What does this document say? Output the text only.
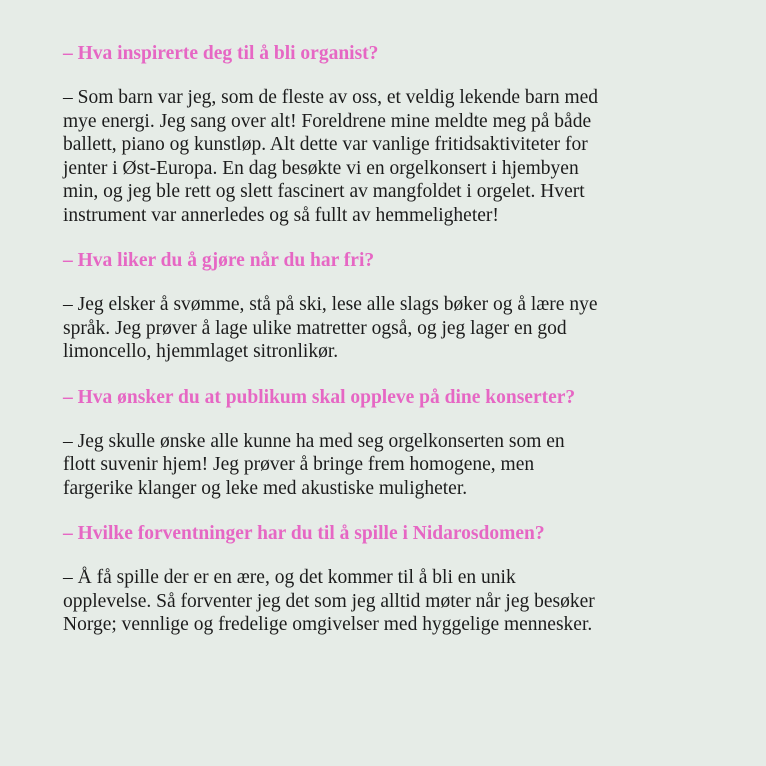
– Hva inspirerte deg til å bli organist?

– Som barn var jeg, som de fleste av oss, et veldig lekende barn med
mye energi. Jeg sang over alt! Foreldrene mine meldte meg på både
ballett, piano og kunstløp. Alt dette var vanlige fritidsaktiviteter for
jenter i Øst-Europa. En dag besøkte vi en orgelkonsert i hjembyen
min, og jeg ble rett og slett fascinert av mangfoldet i orgelet. Hvert
instrument var annerledes og så fullt av hemmeligheter!

– Hva liker du å gjøre når du har fri?

– Jeg elsker å svømme, stå på ski, lese alle slags bøker og å lære nye
språk. Jeg prøver å lage ulike matretter også, og jeg lager en god
limoncello, hjemmlaget sitronlikør.

– Hva ønsker du at publikum skal oppleve på dine konserter?

– Jeg skulle ønske alle kunne ha med seg orgelkonserten som en
flott suvenir hjem! Jeg prøver å bringe frem homogene, men
fargerike klanger og leke med akustiske muligheter.

– Hvilke forventninger har du til å spille i Nidarosdomen?

– Å få spille der er en ære, og det kommer til å bli en unik
opplevelse. Så forventer jeg det som jeg alltid møter når jeg besøker
Norge; vennlige og fredelige omgivelser med hyggelige mennesker.
